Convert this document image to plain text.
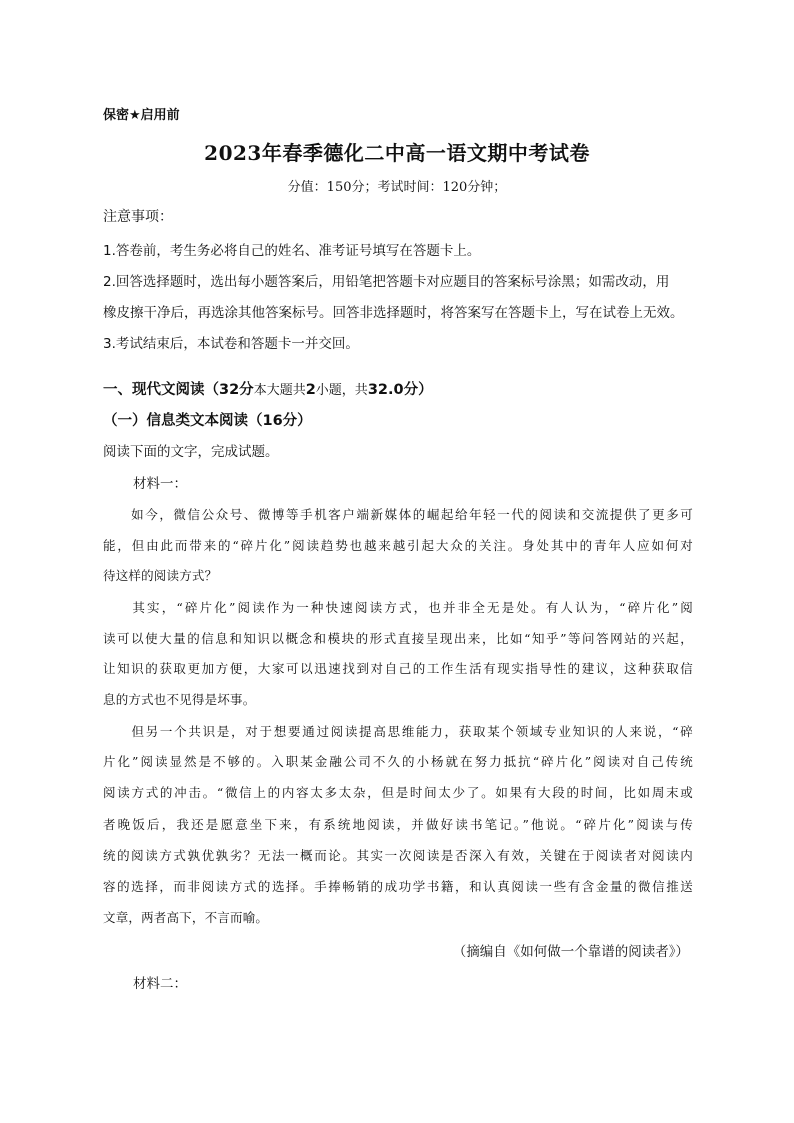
保密★启用前
2023年春季德化二中高一语文期中考试卷
分值：150分；考试时间：120分钟；
注意事项：
1.答卷前，考生务必将自己的姓名、准考证号填写在答题卡上。
2.回答选择题时，选出每小题答案后，用铅笔把答题卡对应题目的答案标号涂黑；如需改动，用
橡皮擦干净后，再选涂其他答案标号。回答非选择题时，将答案写在答题卡上，写在试卷上无效。
3.考试结束后，本试卷和答题卡一并交回。
一、现代文阅读（32分本大题共2小题，共32.0分）
（一）信息类文本阅读（16分）
阅读下面的文字，完成试题。
材料一：
　　如今，微信公众号、微博等手机客户端新媒体的崛起给年轻一代的阅读和交流提供了更多可
能，但由此而带来的“碎片化”阅读趋势也越来越引起大众的关注。身处其中的青年人应如何对
待这样的阅读方式？
　　其实，“碎片化”阅读作为一种快速阅读方式，也并非全无是处。有人认为，“碎片化”阅
读可以使大量的信息和知识以概念和模块的形式直接呈现出来，比如“知乎”等问答网站的兴起，
让知识的获取更加方便，大家可以迅速找到对自己的工作生活有现实指导性的建议，这种获取信
息的方式也不见得是坏事。
　　但另一个共识是，对于想要通过阅读提高思维能力，获取某个领域专业知识的人来说，“碎
片化”阅读显然是不够的。入职某金融公司不久的小杨就在努力抵抗“碎片化”阅读对自己传统
阅读方式的冲击。“微信上的内容太多太杂，但是时间太少了。如果有大段的时间，比如周末或
者晚饭后，我还是愿意坐下来，有系统地阅读，并做好读书笔记。”他说。“碎片化”阅读与传
统的阅读方式孰优孰劣？无法一概而论。其实一次阅读是否深入有效，关键在于阅读者对阅读内
容的选择，而非阅读方式的选择。手捧畅销的成功学书籍，和认真阅读一些有含金量的微信推送
文章，两者高下，不言而喻。
（摘编自《如何做一个靠谱的阅读者》）
材料二：
